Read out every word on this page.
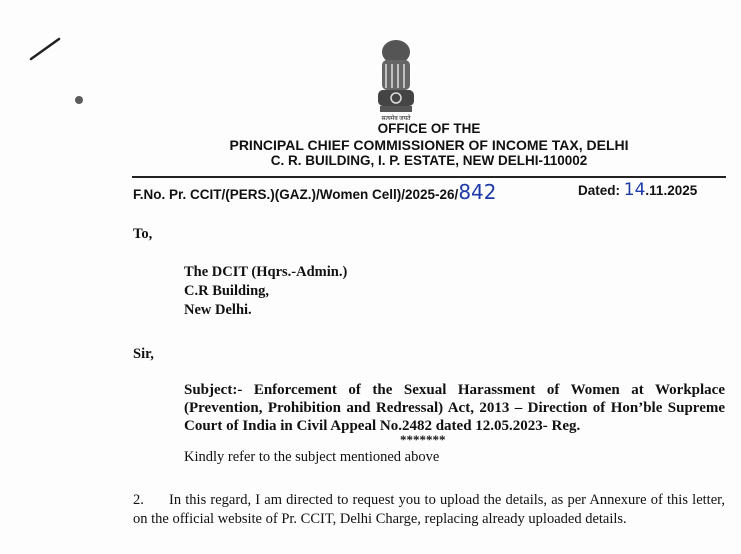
सत्यमेव जयते
OFFICE OF THE
PRINCIPAL CHIEF COMMISSIONER OF INCOME TAX, DELHI
C. R. BUILDING, I. P. ESTATE, NEW DELHI-110002
F.No. Pr. CCIT/(PERS.)(GAZ.)/Women Cell)/2025-26/842	Dated: 14.11.2025
To,
The DCIT (Hqrs.-Admin.)
C.R Building,
New Delhi.
Sir,
Subject:- Enforcement of the Sexual Harassment of Women at Workplace (Prevention, Prohibition and Redressal) Act, 2013 – Direction of Hon’ble Supreme Court of India in Civil Appeal No.2482 dated 12.05.2023- Reg.
*******
Kindly refer to the subject mentioned above
2.      In this regard, I am directed to request you to upload the details, as per Annexure of this letter, on the official website of Pr. CCIT, Delhi Charge, replacing already uploaded details.
